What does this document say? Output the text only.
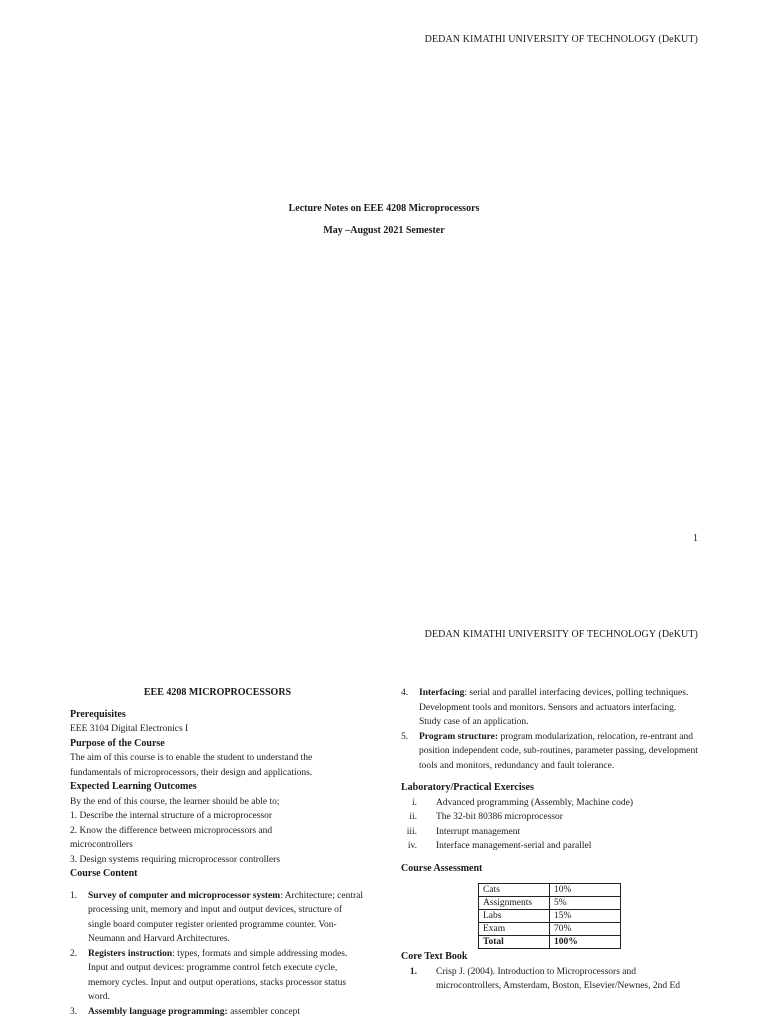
DEDAN KIMATHI UNIVERSITY OF TECHNOLOGY (DeKUT)
Lecture Notes on EEE 4208 Microprocessors
May –August 2021 Semester
1
DEDAN KIMATHI UNIVERSITY OF TECHNOLOGY (DeKUT)
EEE 4208 MICROPROCESSORS
Prerequisites

EEE 3104 Digital Electronics I

Purpose of the Course

The aim of this course is to enable the student to understand the

fundamentals of microprocessors, their design and applications.

Expected Learning Outcomes

By the end of this course, the learner should be able to;

1. Describe the internal structure of a microprocessor

2. Know the difference between microprocessors and

microcontrollers

3. Design systems requiring microprocessor controllers

Course Content
1. Survey of computer and microprocessor system: Architecture; central processing unit, memory and input and output devices, structure of single board computer register oriented programme counter. Von-Neumann and Harvard Architectures.
2. Registers instruction: types, formats and simple addressing modes. Input and output devices: programme control fetch execute cycle, memory cycles. Input and output operations, stacks processor status word.
3. Assembly language programming: assembler concept
4. Interfacing: serial and parallel interfacing devices, polling techniques. Development tools and monitors. Sensors and actuators interfacing. Study case of an application.
5. Program structure: program modularization, relocation, re-entrant and position independent code, sub-routines, parameter passing, development tools and monitors, redundancy and fault tolerance.
Laboratory/Practical Exercises
i. Advanced programming (Assembly, Machine code)
ii. The 32-bit 80386 microprocessor
iii. Interrupt management
iv. Interface management-serial and parallel
Course Assessment
Cats	10%
Assignments	5%
Labs	15%
Exam	70%
Total	100%
Core Text Book
1. Crisp J. (2004). Introduction to Microprocessors and microcontrollers, Amsterdam, Boston, Elsevier/Newnes, 2nd Ed
